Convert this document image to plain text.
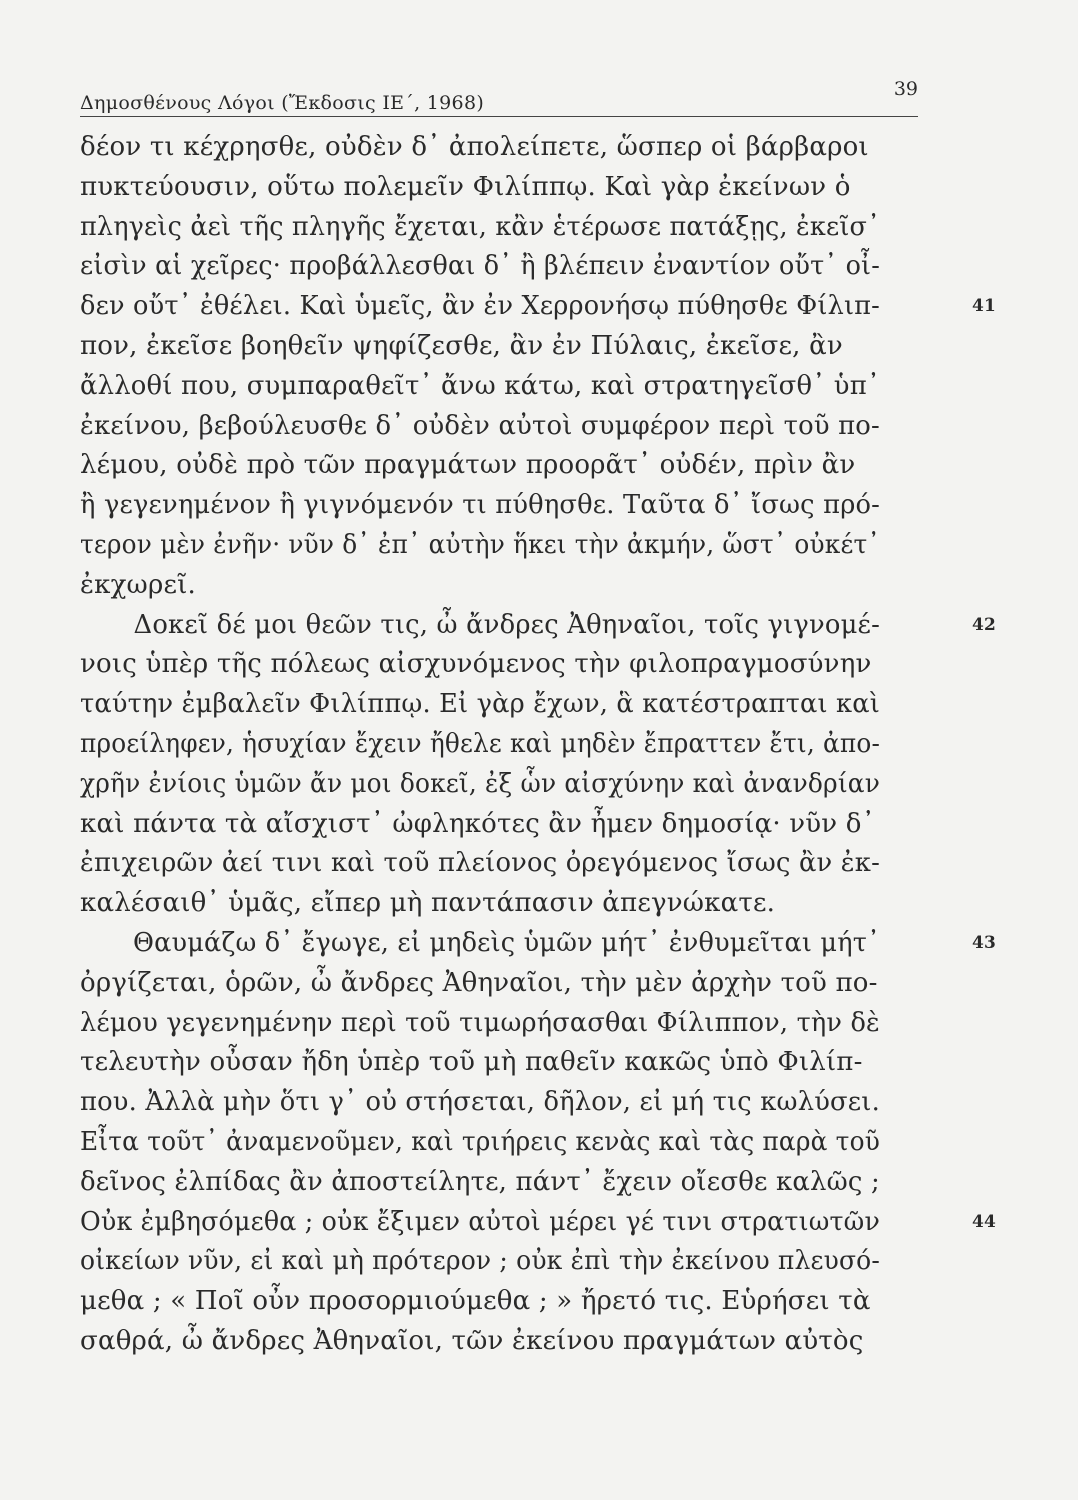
Δημοσθένους Λόγοι (Ἔκδοσις ΙΕ΄, 1968)
39
δέον τι κέχρησθε, οὐδὲν δ᾽ ἀπολείπετε, ὥσπερ οἱ βάρβαροι
πυκτεύουσιν, οὕτω πολεμεῖν Φιλίππῳ. Καὶ γὰρ ἐκείνων ὁ
πληγεὶς ἀεὶ τῆς πληγῆς ἔχεται, κἂν ἑτέρωσε πατάξῃς, ἐκεῖσ᾽
εἰσὶν αἱ χεῖρες· προβάλλεσθαι δ᾽ ἢ βλέπειν ἐναντίον οὔτ᾽ οἶ-
δεν οὔτ᾽ ἐθέλει. Καὶ ὑμεῖς, ἂν ἐν Χερρονήσῳ πύθησθε Φίλιπ-	41
πον, ἐκεῖσε βοηθεῖν ψηφίζεσθε, ἂν ἐν Πύλαις, ἐκεῖσε, ἂν
ἄλλοθί που, συμπαραθεῖτ᾽ ἄνω κάτω, καὶ στρατηγεῖσθ᾽ ὑπ᾽
ἐκείνου, βεβούλευσθε δ᾽ οὐδὲν αὐτοὶ συμφέρον περὶ τοῦ πο-
λέμου, οὐδὲ πρὸ τῶν πραγμάτων προορᾶτ᾽ οὐδέν, πρὶν ἂν
ἢ γεγενημένον ἢ γιγνόμενόν τι πύθησθε. Ταῦτα δ᾽ ἴσως πρό-
τερον μὲν ἐνῆν· νῦν δ᾽ ἐπ᾽ αὐτὴν ἥκει τὴν ἀκμήν, ὥστ᾽ οὐκέτ᾽
ἐκχωρεῖ.
Δοκεῖ δέ μοι θεῶν τις, ὦ ἄνδρες Ἀθηναῖοι, τοῖς γιγνομέ-	42
νοις ὑπὲρ τῆς πόλεως αἰσχυνόμενος τὴν φιλοπραγμοσύνην
ταύτην ἐμβαλεῖν Φιλίππῳ. Εἰ γὰρ ἔχων, ἃ κατέστραπται καὶ
προείληφεν, ἡσυχίαν ἔχειν ἤθελε καὶ μηδὲν ἔπραττεν ἔτι, ἀπο-
χρῆν ἐνίοις ὑμῶν ἄν μοι δοκεῖ, ἐξ ὧν αἰσχύνην καὶ ἀνανδρίαν
καὶ πάντα τὰ αἴσχιστ᾽ ὠφληκότες ἂν ἦμεν δημοσίᾳ· νῦν δ᾽
ἐπιχειρῶν ἀεί τινι καὶ τοῦ πλείονος ὀρεγόμενος ἴσως ἂν ἐκ-
καλέσαιθ᾽ ὑμᾶς, εἴπερ μὴ παντάπασιν ἀπεγνώκατε.
Θαυμάζω δ᾽ ἔγωγε, εἰ μηδεὶς ὑμῶν μήτ᾽ ἐνθυμεῖται μήτ᾽	43
ὀργίζεται, ὁρῶν, ὦ ἄνδρες Ἀθηναῖοι, τὴν μὲν ἀρχὴν τοῦ πο-
λέμου γεγενημένην περὶ τοῦ τιμωρήσασθαι Φίλιππον, τὴν δὲ
τελευτὴν οὖσαν ἤδη ὑπὲρ τοῦ μὴ παθεῖν κακῶς ὑπὸ Φιλίπ-
που. Ἀλλὰ μὴν ὅτι γ᾽ οὐ στήσεται, δῆλον, εἰ μή τις κωλύσει.
Εἶτα τοῦτ᾽ ἀναμενοῦμεν, καὶ τριήρεις κενὰς καὶ τὰς παρὰ τοῦ
δεῖνος ἐλπίδας ἂν ἀποστείλητε, πάντ᾽ ἔχειν οἴεσθε καλῶς ;
Οὐκ ἐμβησόμεθα ; οὐκ ἔξιμεν αὐτοὶ μέρει γέ τινι στρατιωτῶν	44
οἰκείων νῦν, εἰ καὶ μὴ πρότερον ; οὐκ ἐπὶ τὴν ἐκείνου πλευσό-
μεθα ; « Ποῖ οὖν προσορμιούμεθα ; » ἤρετό τις. Εὑρήσει τὰ
σαθρά, ὦ ἄνδρες Ἀθηναῖοι, τῶν ἐκείνου πραγμάτων αὐτὸς
